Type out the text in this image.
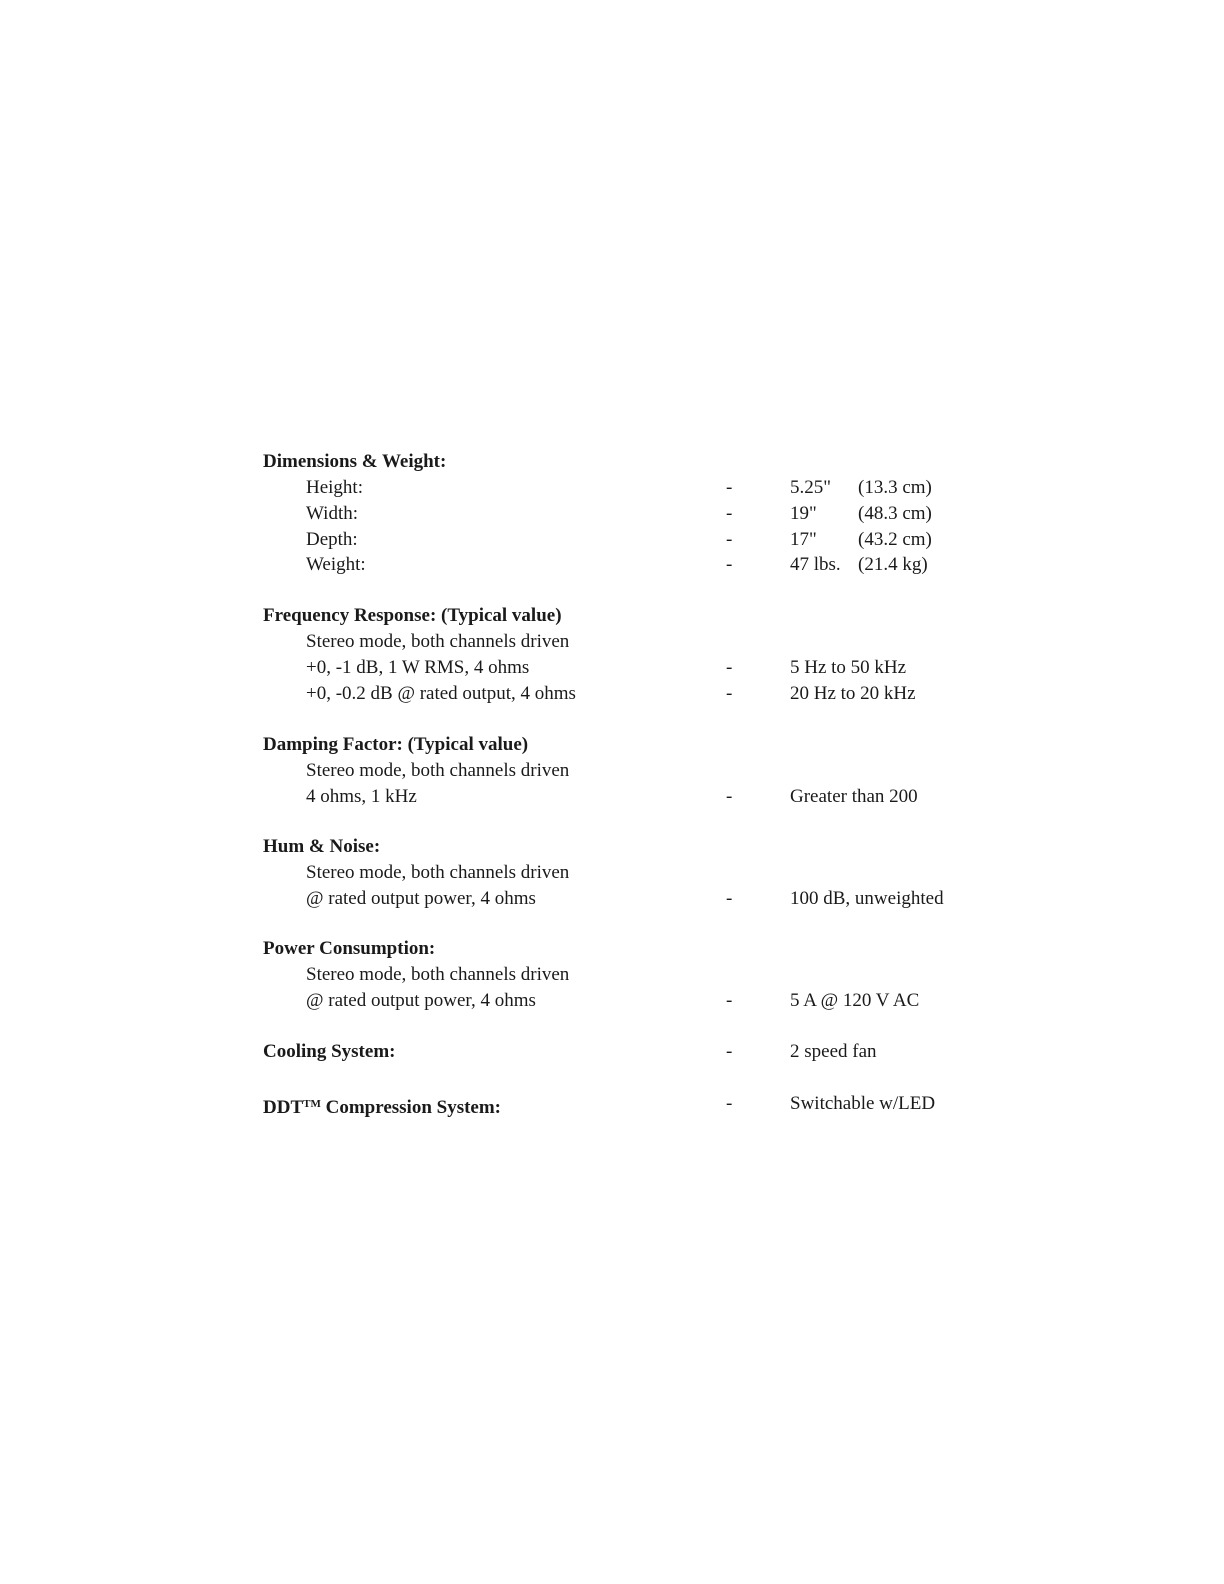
Dimensions & Weight:
Height:	-	5.25" (13.3 cm)
Width:	-	19" (48.3 cm)
Depth:	-	17" (43.2 cm)
Weight:	-	47 lbs. (21.4 kg)
Frequency Response: (Typical value)
Stereo mode, both channels driven
+0, -1 dB, 1 W RMS, 4 ohms	-	5 Hz to 50 kHz
+0, -0.2 dB @ rated output, 4 ohms	-	20 Hz to 20 kHz
Damping Factor: (Typical value)
Stereo mode, both channels driven
4 ohms, 1 kHz	-	Greater than 200
Hum & Noise:
Stereo mode, both channels driven
@ rated output power, 4 ohms	-	100 dB, unweighted
Power Consumption:
Stereo mode, both channels driven
@ rated output power, 4 ohms	-	5 A @ 120 V AC
Cooling System:	-	2 speed fan
DDT™ Compression System:	-	Switchable w/LED
